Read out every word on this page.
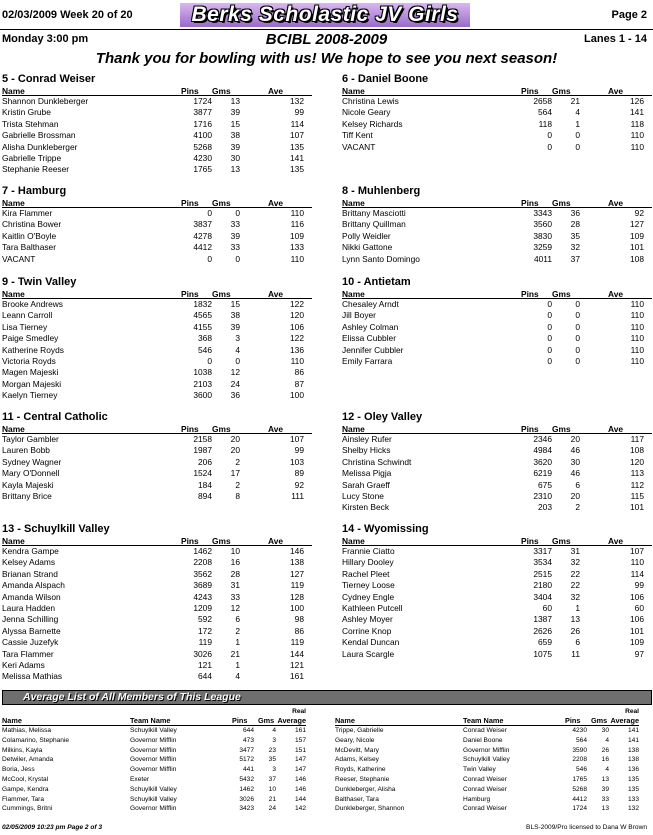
02/03/2009 Week 20 of 20	Berks Scholastic JV Girls	Page 2
Monday 3:00 pm	BCIBL 2008-2009	Lanes 1 - 14
Thank you for bowling with us! We hope to see you next season!
5 - Conrad Weiser
Name	Pins	Gms	Ave
Shannon Dunkleberger	1724	13	132
Kristin Grube	3877	39	99
Trista Stehman	1716	15	114
Gabrielle Brossman	4100	38	107
Alisha Dunkleberger	5268	39	135
Gabrielle Trippe	4230	30	141
Stephanie Reeser	1765	13	135
6 - Daniel Boone
Name	Pins	Gms	Ave
Christina Lewis	2658	21	126
Nicole Geary	564	4	141
Kelsey Richards	118	1	118
Tiff Kent	0	0	110
VACANT	0	0	110
7 - Hamburg
Name	Pins	Gms	Ave
Kira Flammer	0	0	110
Christina Bower	3837	33	116
Kaitlin O'Boyle	4278	39	109
Tara Balthaser	4412	33	133
VACANT	0	0	110
8 - Muhlenberg
Name	Pins	Gms	Ave
Brittany Masciotti	3343	36	92
Brittany Quillman	3560	28	127
Polly Weidler	3830	35	109
Nikki Gattone	3259	32	101
Lynn Santo Domingo	4011	37	108
9 - Twin Valley
Name	Pins	Gms	Ave
Brooke Andrews	1832	15	122
Leann Carroll	4565	38	120
Lisa Tierney	4155	39	106
Paige Smedley	368	3	122
Katherine Royds	546	4	136
Victoria Royds	0	0	110
Magen Majeski	1038	12	86
Morgan Majeski	2103	24	87
Kaelyn Tierney	3600	36	100
10 - Antietam
Name	Pins	Gms	Ave
Chesaley Arndt	0	0	110
Jill Boyer	0	0	110
Ashley Colman	0	0	110
Elissa Cubbler	0	0	110
Jennifer Cubbler	0	0	110
Emily Farrara	0	0	110
11 - Central Catholic
Name	Pins	Gms	Ave
Taylor Gambler	2158	20	107
Lauren Bobb	1987	20	99
Sydney Wagner	206	2	103
Mary O'Donnell	1524	17	89
Kayla Majeski	184	2	92
Brittany Brice	894	8	111
12 - Oley Valley
Name	Pins	Gms	Ave
Ainsley Rufer	2346	20	117
Shelby Hicks	4984	46	108
Christina Schwindt	3620	30	120
Melissa Pigja	6219	46	113
Sarah Graeff	675	6	112
Lucy Stone	2310	20	115
Kirsten Beck	203	2	101
13 - Schuylkill Valley
Name	Pins	Gms	Ave
Kendra Gampe	1462	10	146
Kelsey Adams	2208	16	138
Brianan Strand	3562	28	127
Amanda Alspach	3689	31	119
Amanda Wilson	4243	33	128
Laura Hadden	1209	12	100
Jenna Schilling	592	6	98
Alyssa Barnette	172	2	86
Cassie Juzefyk	119	1	119
Tara Flammer	3026	21	144
Keri Adams	121	1	121
Melissa Mathias	644	4	161
14 - Wyomissing
Name	Pins	Gms	Ave
Frannie Ciatto	3317	31	107
Hillary Dooley	3534	32	110
Rachel Pleet	2515	22	114
Tierney Loose	2180	22	99
Cydney Engle	3404	32	106
Kathleen Putcell	60	1	60
Ashley Moyer	1387	13	106
Corrine Knop	2626	26	101
Kendal Duncan	659	6	109
Laura Scargle	1075	11	97
Average List of All Members of This League
Real
Name	Team Name	Pins	Gms Average
Mathias, Melissa	Schuylkill Valley	644	4	161
Colamarino, Stephanie	Governor Mifflin	473	3	157
Milkins, Kayla	Governor Mifflin	3477	23	151
Detwiler, Amanda	Governor Mifflin	5172	35	147
Boria, Jess	Governor Mifflin	441	3	147
McCool, Krystal	Exeter	5432	37	146
Gampe, Kendra	Schuylkill Valley	1462	10	146
Flammer, Tara	Schuylkill Valley	3026	21	144
Cummings, Britni	Governor Mifflin	3423	24	142
Real
Name	Team Name	Pins	Gms Average
Trippe, Gabrielle	Conrad Weiser	4230	30	141
Geary, Nicole	Daniel Boone	564	4	141
McDevitt, Mary	Governor Mifflin	3590	26	138
Adams, Kelsey	Schuylkill Valley	2208	16	138
Royds, Katherine	Twin Valley	546	4	136
Reeser, Stephanie	Conrad Weiser	1765	13	135
Dunkleberger, Alisha	Conrad Weiser	5268	39	135
Balthaser, Tara	Hamburg	4412	33	133
Dunkleberger, Shannon	Conrad Weiser	1724	13	132
02/05/2009 10:23 pm Page 2 of 3	BLS-2009/Pro licensed to Dana W Brown
